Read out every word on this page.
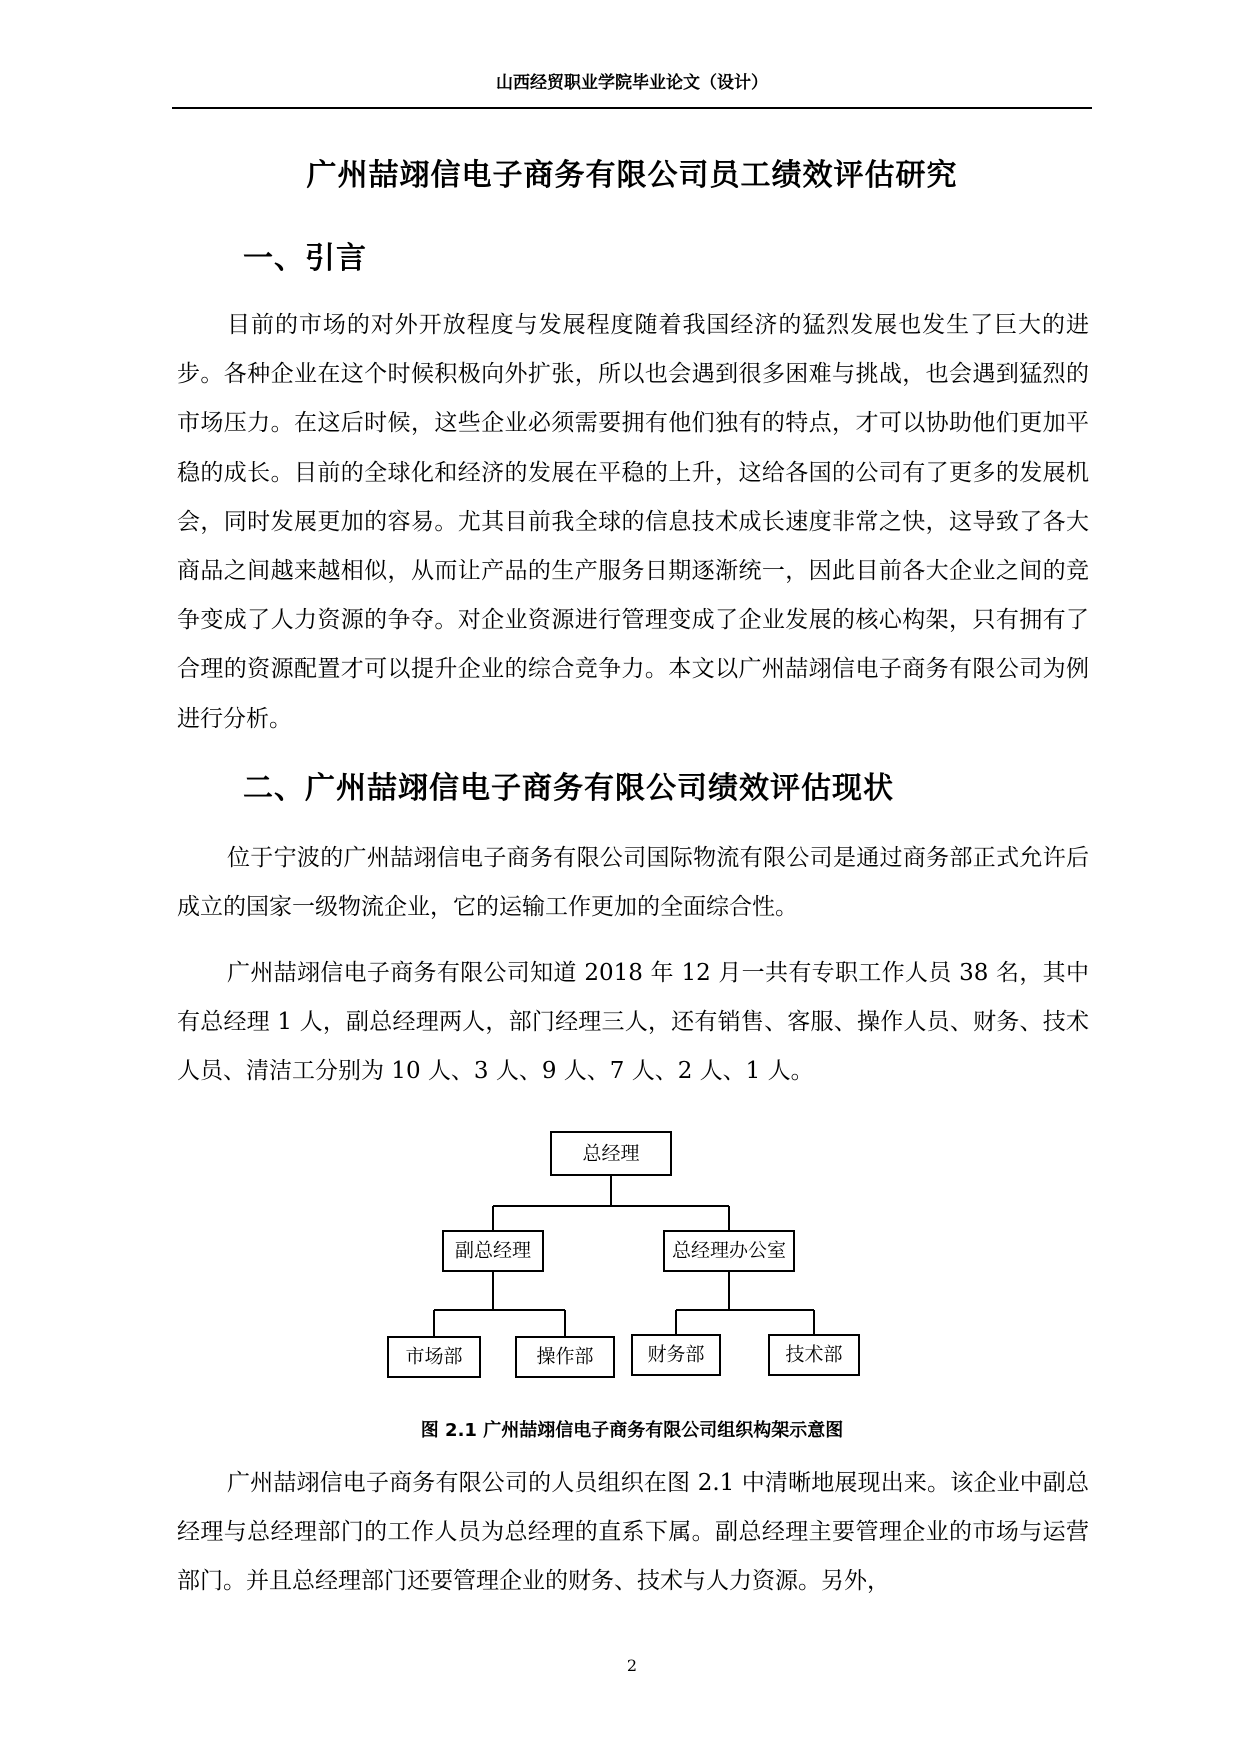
山西经贸职业学院毕业论文（设计）
广州喆翊信电子商务有限公司员工绩效评估研究
一、引言

目前的市场的对外开放程度与发展程度随着我国经济的猛烈发展也发生了巨大的进步。各种企业在这个时候积极向外扩张，所以也会遇到很多困难与挑战，也会遇到猛烈的市场压力。在这后时候，这些企业必须需要拥有他们独有的特点，才可以协助他们更加平稳的成长。目前的全球化和经济的发展在平稳的上升，这给各国的公司有了更多的发展机会，同时发展更加的容易。尤其目前我全球的信息技术成长速度非常之快，这导致了各大商品之间越来越相似，从而让产品的生产服务日期逐渐统一，因此目前各大企业之间的竞争变成了人力资源的争夺。对企业资源进行管理变成了企业发展的核心构架，只有拥有了合理的资源配置才可以提升企业的综合竞争力。本文以广州喆翊信电子商务有限公司为例进行分析。

二、广州喆翊信电子商务有限公司绩效评估现状

位于宁波的广州喆翊信电子商务有限公司国际物流有限公司是通过商务部正式允许后成立的国家一级物流企业，它的运输工作更加的全面综合性。

广州喆翊信电子商务有限公司知道 2018 年 12 月一共有专职工作人员 38 名，其中有总经理 1 人，副总经理两人，部门经理三人，还有销售、客服、操作人员、财务、技术人员、清洁工分别为 10 人、3 人、9 人、7 人、2 人、1 人。

总经理
副总经理	总经理办公室
市场部	操作部	财务部	技术部
图 2.1 广州喆翊信电子商务有限公司组织构架示意图

广州喆翊信电子商务有限公司的人员组织在图 2.1 中清晰地展现出来。该企业中副总经理与总经理部门的工作人员为总经理的直系下属。副总经理主要管理企业的市场与运营部门。并且总经理部门还要管理企业的财务、技术与人力资源。另外，

2
